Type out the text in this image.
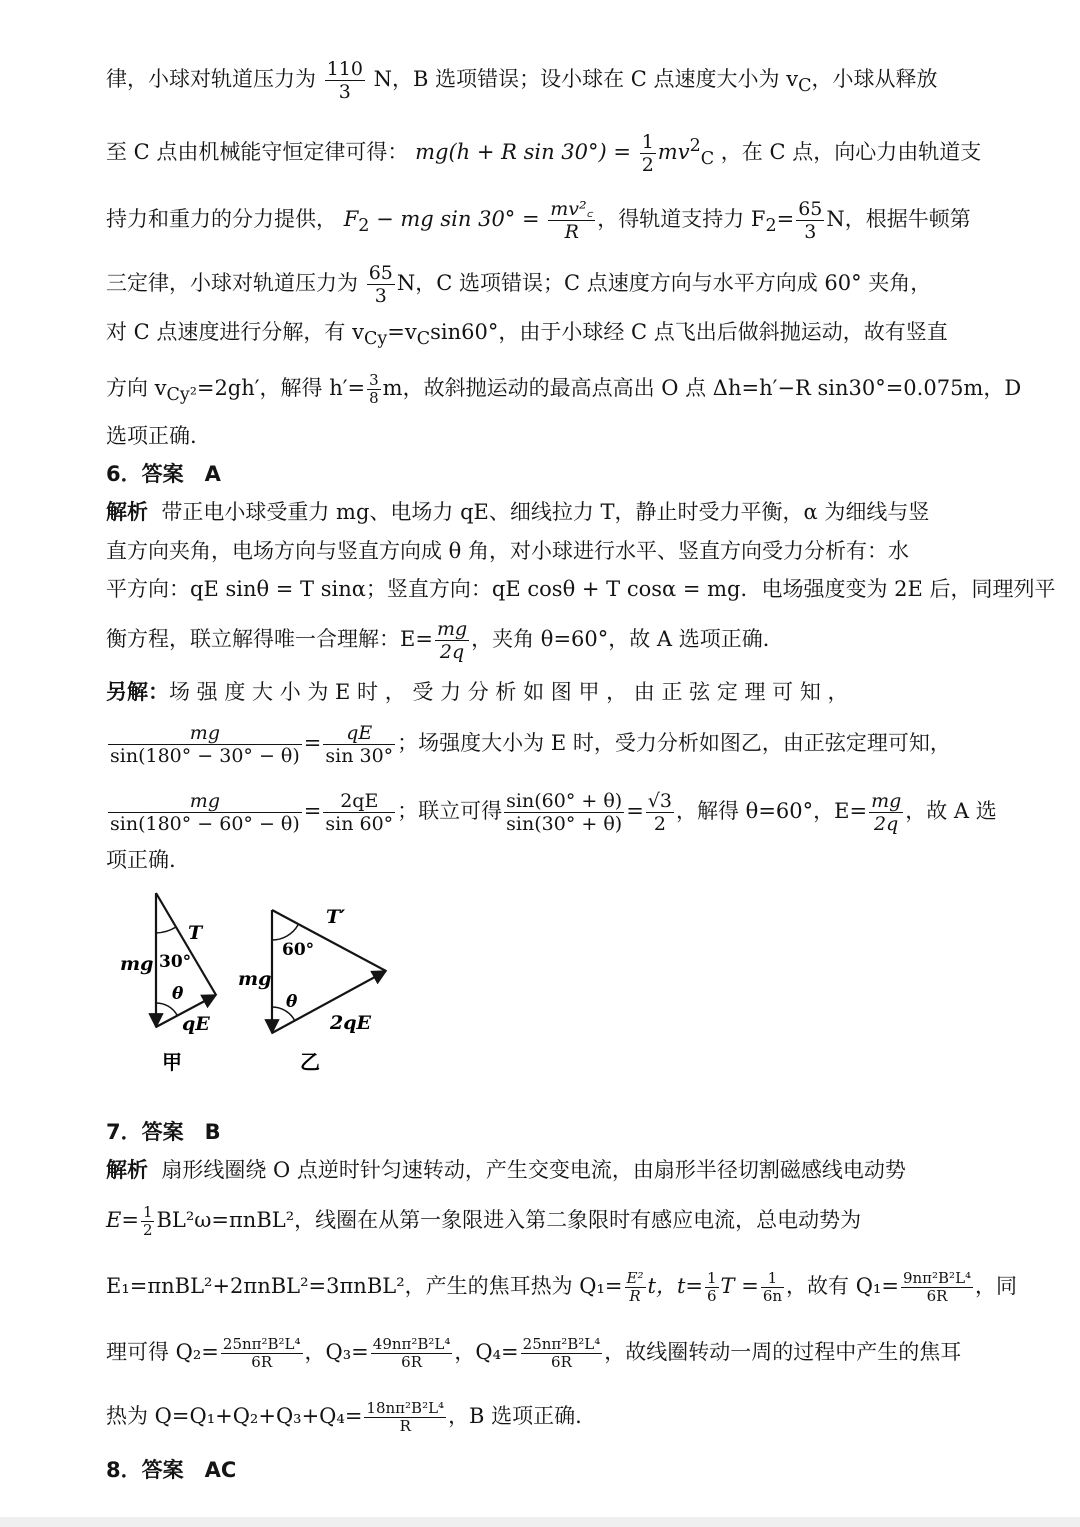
律，小球对轨道压力为 $\frac{110}{3}$ N，B 选项错误；设小球在 C 点速度大小为 $v_C$，小球从释放
至 C 点由机械能守恒定律可得： mg(h + R $\sin 30^\circ) = \frac{1}{2} mv^2_C$ ，在 C 点，向心力由轨道支
持力和重力的分力提供， $F_2$ − mg $\sin 30^\circ = \frac{\text{mv²꜀}}{R}$ ，得轨道支持力 $F_2= \frac{65}{3}$ N，根据牛顿第
三定律，小球对轨道压力为 $\frac{65}{3}$ N，C 选项错误；C 点速度方向与水平方向成 60° 夹角，
对 C 点速度进行分解，有 $v_{Cy}=v_C\sin 60^\circ$，由于小球经 C 点飞出后做斜抛运动，故有竖直
方向 $v_{Cy^2}=2gh'$，解得 $h'= \frac{3}{8}$ m，故斜抛运动的最高点高出 O 点 Δh=h′−R sin30°=0.075m，D
选项正确.
6．答案　A
解析 带正电小球受重力 mg、电场力 qE、细线拉力 T，静止时受力平衡，α 为细线与竖
直方向夹角，电场方向与竖直方向成 θ 角，对小球进行水平、竖直方向受力分析有：水
平方向：qE sinθ = T sinα；竖直方向：qE cosθ + T cosα = mg．电场强度变为 2E 后，同理列平
衡方程，联立解得唯一合理解：$E= \frac{mg}{2q}$ ，夹角 θ=60°，故 A 选项正确．
另解：场 强 度 大 小 为 E 时 ， 受 力 分 析 如 图 甲 ， 由 正 弦 定 理 可 知 ，
$\frac{mg}{\sin(180^\circ - 30^\circ - \theta)} = \frac{qE}{\sin 30^\circ}$ ；场强度大小为 E 时，受力分析如图乙，由正弦定理可知，
$\frac{mg}{\sin(180^\circ - 60^\circ - \theta)} = \frac{2qE}{\sin 60^\circ}$ ；联立可得 $\frac{\sin(60^\circ + \theta)}{\sin(30^\circ + \theta)} = \frac{√3}{2}$ ，解得 θ=60°，$E= \frac{mg}{2q}$ ，故 A 选
项正确.
T
mg 30°
θ
qE
甲
T′
mg
60°
θ
2qE
乙
7．答案　B
解析 扇形线圈绕 O 点逆时针匀速转动，产生交变电流，由扇形半径切割磁感线电动势
$E= \frac{1}{2} BL^2\omega=\pi nBL^2$，线圈在从第一象限进入第二象限时有感应电流，总电动势为
E₁=πnBL²+2πnBL²=3πnBL²，产生的焦耳热为 $Q_1= \frac{\text{E²}}{R}$ t，$t= \frac{1}{6}$ $T = \frac{1}{6n}$ ，故有 $Q_1= \frac{\text{9nπ²B²L⁴}}{6R}$ ，同
理可得 $Q_2= \frac{\text{25nπ²B²L⁴}}{6R}$ ，$Q_3= \frac{\text{49nπ²B²L⁴}}{6R}$ ，$Q_4= \frac{\text{25nπ²B²L⁴}}{6R}$ ，故线圈转动一周的过程中产生的焦耳
热为 $Q=Q_1+Q_2+Q_3+Q_4= \frac{\text{18nπ²B²L⁴}}{R}$ ，B 选项正确.
8．答案　AC
